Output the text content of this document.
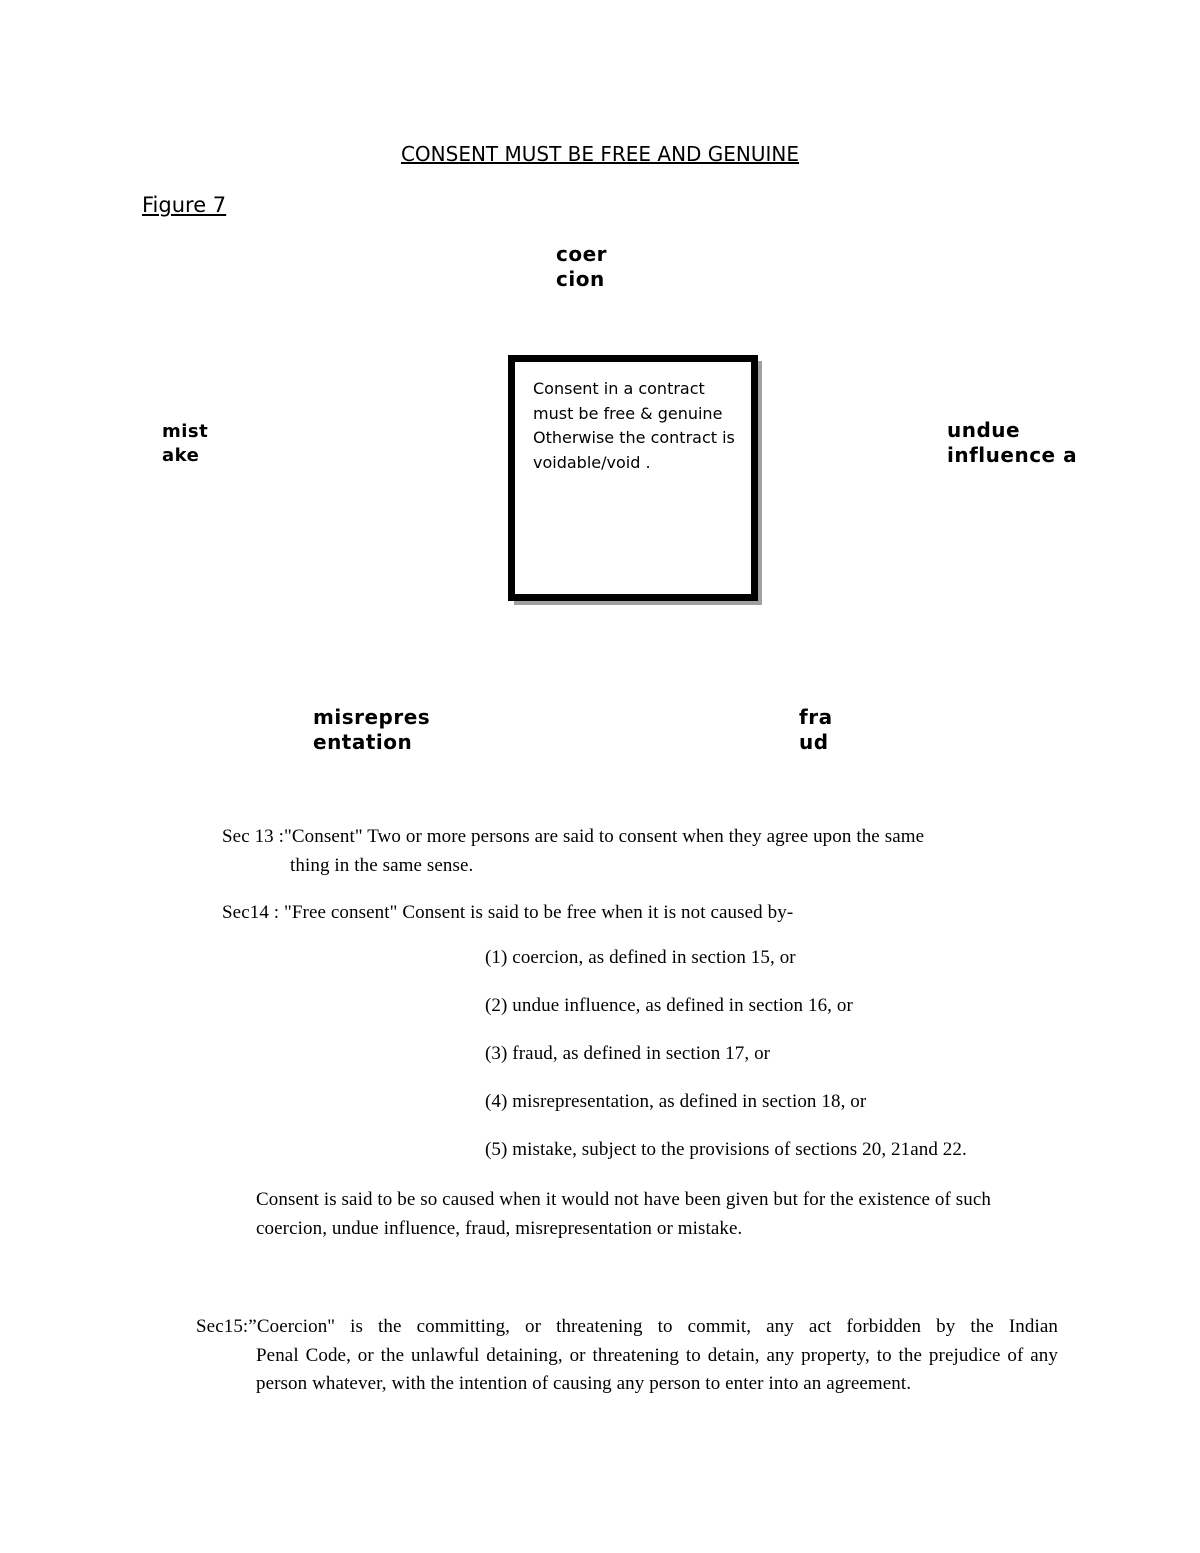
CONSENT MUST BE FREE AND GENUINE
Figure 7
coer
cion
mist
ake
undue
influence a
Consent in a contract must be free & genuine Otherwise the contract is voidable/void .
misrepres
entation
fra
ud
Sec 13 :"Consent" Two or more persons are said to consent when they agree upon the same
thing in the same sense.
Sec14 : "Free consent" Consent is said to be free when it is not caused by-
(1) coercion, as defined in section 15, or
(2) undue influence, as defined in section 16, or
(3) fraud, as defined in section 17, or
(4) misrepresentation, as defined in section 18, or
(5) mistake, subject to the provisions of sections 20, 21and 22.
Consent is said to be so caused when it would not have been given but for the existence of such coercion, undue influence, fraud, misrepresentation or mistake.
Sec15:”Coercion" is the committing, or threatening to commit, any act forbidden by the Indian
Penal Code, or the unlawful detaining, or threatening to detain, any property, to the prejudice of any person whatever, with the intention of causing any person to enter into an agreement.
